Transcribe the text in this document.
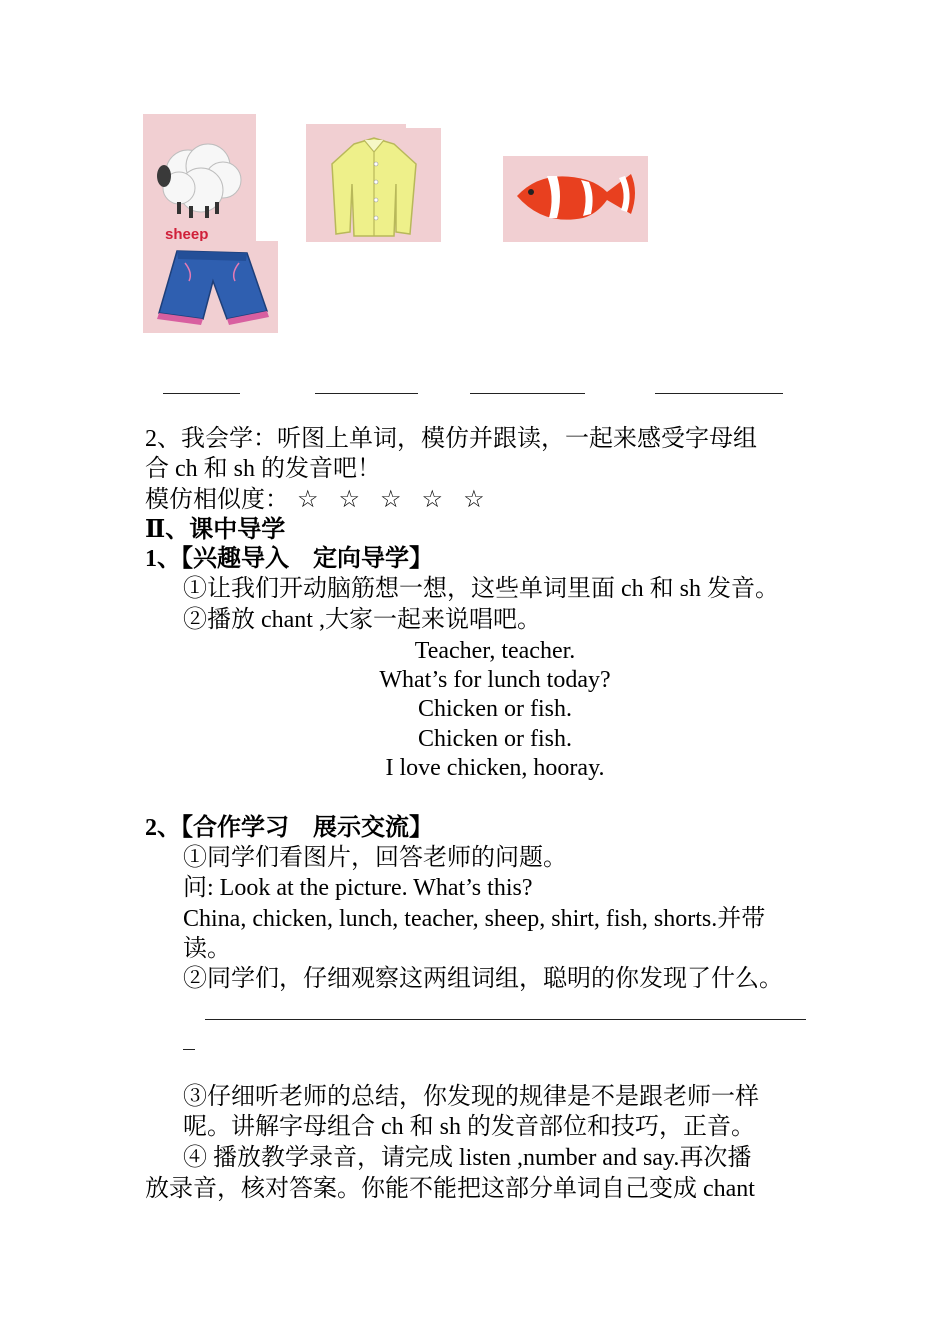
sheep
2、我会学：听图上单词，模仿并跟读，一起来感受字母组
合 ch 和 sh 的发音吧！
模仿相似度： ☆ ☆ ☆ ☆ ☆
Ⅱ、课中导学
1、【兴趣导入　定向导学】
①让我们开动脑筋想一想，这些单词里面 ch 和 sh 发音。
②播放 chant ,大家一起来说唱吧。
Teacher, teacher.
What’s for lunch today?
Chicken or fish.
Chicken or fish.
I love chicken, hooray.
2、【合作学习　展示交流】
①同学们看图片，回答老师的问题。
问: Look at the picture. What’s this?
China, chicken, lunch, teacher, sheep, shirt, fish, shorts.并带
读。
②同学们，仔细观察这两组词组，聪明的你发现了什么。
③仔细听老师的总结，你发现的规律是不是跟老师一样
呢。讲解字母组合 ch 和 sh 的发音部位和技巧，正音。
④ 播放教学录音，请完成 listen ,number and say.再次播
放录音，核对答案。你能不能把这部分单词自己变成 chant
